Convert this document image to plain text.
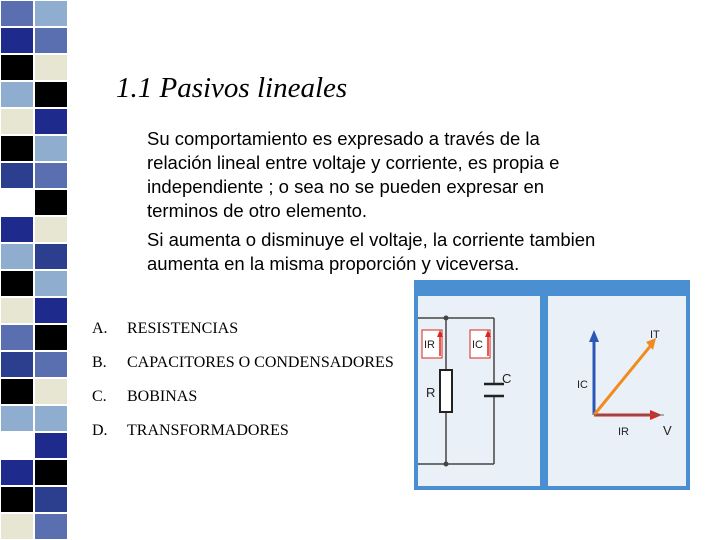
1.1 Pasivos lineales

Su comportamiento es expresado a través de la relación lineal entre voltaje y corriente, es propia e independiente ; o sea no se pueden expresar en terminos de otro elemento.

Si aumenta o disminuye el voltaje, la corriente tambien aumenta en la misma proporción y viceversa.

A.	RESISTENCIAS
B.	CAPACITORES O CONDENSADORES
C.	BOBINAS
D.	TRANSFORMADORES
R
C
IR	IC
IT
IC
IR	V
